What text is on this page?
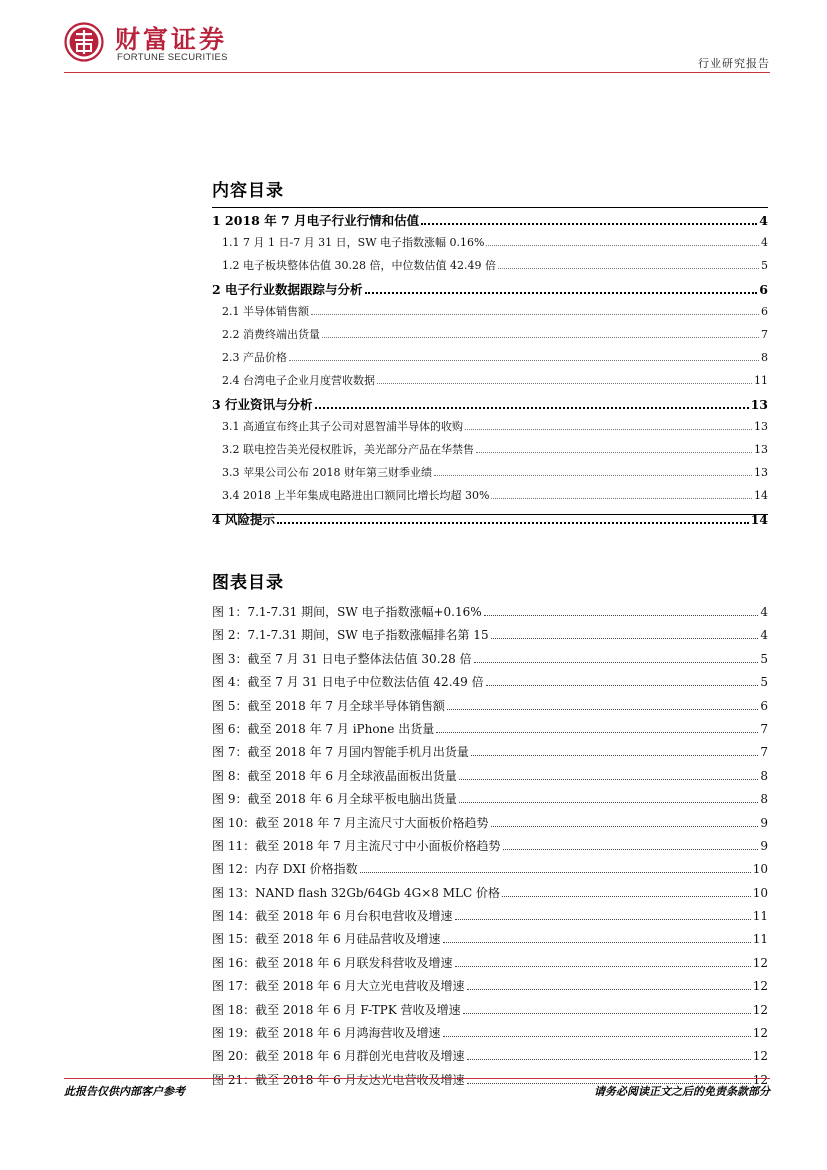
财富证券
FORTUNE SECURITIES	行业研究报告
内容目录
1 2018 年 7 月电子行业行情和估值	4
1.1 7 月 1 日-7 月 31 日，SW 电子指数涨幅 0.16%	4
1.2 电子板块整体估值 30.28 倍，中位数估值 42.49 倍	5
2 电子行业数据跟踪与分析	6
2.1 半导体销售额	6
2.2 消费终端出货量	7
2.3 产品价格	8
2.4 台湾电子企业月度营收数据	11
3 行业资讯与分析	13
3.1 高通宣布终止其子公司对恩智浦半导体的收购	13
3.2 联电控告美光侵权胜诉，美光部分产品在华禁售	13
3.3 苹果公司公布 2018 财年第三财季业绩	13
3.4 2018 上半年集成电路进出口额同比增长均超 30%	14
4 风险提示	14
图表目录
图 1：7.1-7.31 期间，SW 电子指数涨幅+0.16%	4
图 2：7.1-7.31 期间，SW 电子指数涨幅排名第 15	4
图 3：截至 7 月 31 日电子整体法估值 30.28 倍	5
图 4：截至 7 月 31 日电子中位数法估值 42.49 倍	5
图 5：截至 2018 年 7 月全球半导体销售额	6
图 6：截至 2018 年 7 月 iPhone 出货量	7
图 7：截至 2018 年 7 月国内智能手机月出货量	7
图 8：截至 2018 年 6 月全球液晶面板出货量	8
图 9：截至 2018 年 6 月全球平板电脑出货量	8
图 10：截至 2018 年 7 月主流尺寸大面板价格趋势	9
图 11：截至 2018 年 7 月主流尺寸中小面板价格趋势	9
图 12：内存 DXI 价格指数	10
图 13：NAND flash 32Gb/64Gb 4G×8 MLC 价格	10
图 14：截至 2018 年 6 月台积电营收及增速	11
图 15：截至 2018 年 6 月硅品营收及增速	11
图 16：截至 2018 年 6 月联发科营收及增速	12
图 17：截至 2018 年 6 月大立光电营收及增速	12
图 18：截至 2018 年 6 月 F-TPK 营收及增速	12
图 19：截至 2018 年 6 月鸿海营收及增速	12
图 20：截至 2018 年 6 月群创光电营收及增速	12
图 21：截至 2018 年 6 月友达光电营收及增速	12
此报告仅供内部客户参考	请务必阅读正文之后的免责条款部分
